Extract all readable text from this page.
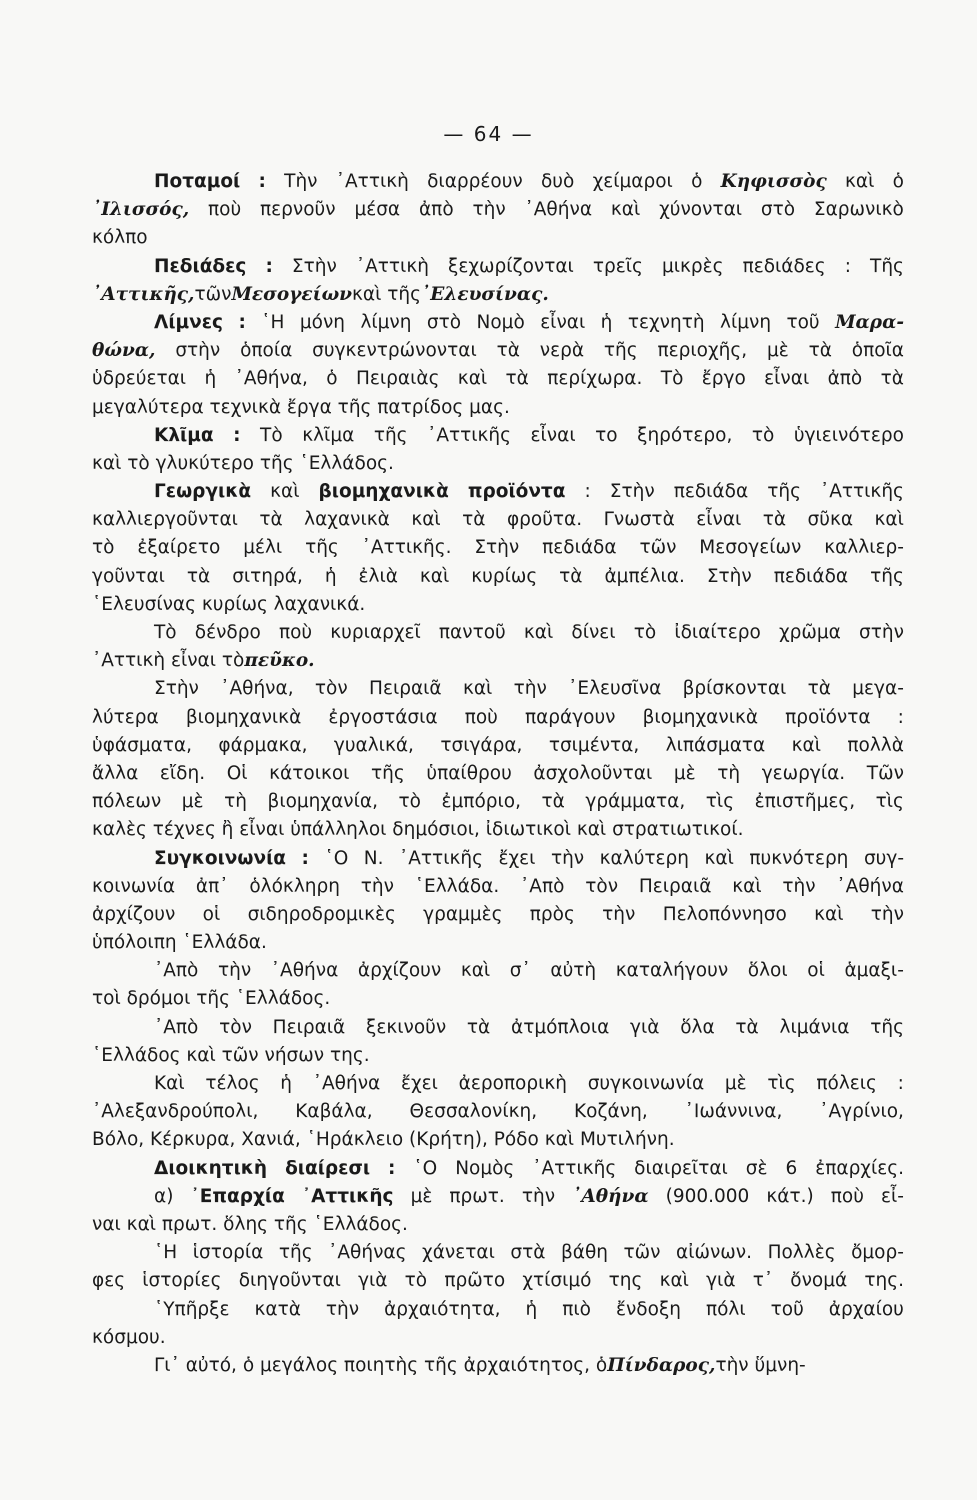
— 64 —
Ποταμοί : Τὴν ᾽Αττικὴ διαρρέουν δυὸ χείμαροι ὁ Κηφισσὸς καὶ ὁ
᾽Ιλισσός, ποὺ περνοῦν μέσα ἀπὸ τὴν ᾽Αθήνα καὶ χύνονται στὸ Σαρωνικὸ
κόλπο
Πεδιάδες : Στὴν ᾽Αττικὴ ξεχωρίζονται τρεῖς μικρὲς πεδιάδες : Τῆς
᾽Αττικῆς, τῶν Μεσογείων καὶ τῆς ᾽Ελευσίνας.
Λίμνες : ῾Η μόνη λίμνη στὸ Νομὸ εἶναι ἡ τεχνητὴ λίμνη τοῦ Μαρα-
θώνα, στὴν ὁποία συγκεντρώνονται τὰ νερὰ τῆς περιοχῆς, μὲ τὰ ὁποῖα
ὑδρεύεται ἡ ᾽Αθήνα, ὁ Πειραιὰς καὶ τὰ περίχωρα. Τὸ ἔργο εἶναι ἀπὸ τὰ
μεγαλύτερα τεχνικὰ ἔργα τῆς πατρίδος μας.
Κλῖμα : Τὸ κλῖμα τῆς ᾽Αττικῆς εἶναι το ξηρότερο, τὸ ὑγιεινότερο
καὶ τὸ γλυκύτερο τῆς ῾Ελλάδος.
Γεωργικὰ καὶ βιομηχανικὰ προϊόντα : Στὴν πεδιάδα τῆς ᾽Αττικῆς
καλλιεργοῦνται τὰ λαχανικὰ καὶ τὰ φροῦτα. Γνωστὰ εἶναι τὰ σῦκα καὶ
τὸ ἐξαίρετο μέλι τῆς ᾽Αττικῆς. Στὴν πεδιάδα τῶν Μεσογείων καλλιερ-
γοῦνται τὰ σιτηρά, ἡ ἐλιὰ καὶ κυρίως τὰ ἀμπέλια. Στὴν πεδιάδα τῆς
῾Ελευσίνας κυρίως λαχανικά.
Τὸ δένδρο ποὺ κυριαρχεῖ παντοῦ καὶ δίνει τὸ ἰδιαίτερο χρῶμα στὴν
᾽Αττικὴ εἶναι τὸ πεῦκο.
Στὴν ᾽Αθήνα, τὸν Πειραιᾶ καὶ τὴν ᾽Ελευσῖνα βρίσκονται τὰ μεγα-
λύτερα βιομηχανικὰ ἐργοστάσια ποὺ παράγουν βιομηχανικὰ προϊόντα :
ὑφάσματα, φάρμακα, γυαλικά, τσιγάρα, τσιμέντα, λιπάσματα καὶ πολλὰ
ἄλλα εἴδη. Οἱ κάτοικοι τῆς ὑπαίθρου ἀσχολοῦνται μὲ τὴ γεωργία. Τῶν
πόλεων μὲ τὴ βιομηχανία, τὸ ἐμπόριο, τὰ γράμματα, τὶς ἐπιστῆμες, τὶς
καλὲς τέχνες ἢ εἶναι ὑπάλληλοι δημόσιοι, ἰδιωτικοὶ καὶ στρατιωτικοί.
Συγκοινωνία : ῾Ο Ν. ᾽Αττικῆς ἔχει τὴν καλύτερη καὶ πυκνότερη συγ-
κοινωνία ἀπ᾽ ὁλόκληρη τὴν ῾Ελλάδα. ᾽Απὸ τὸν Πειραιᾶ καὶ τὴν ᾽Αθήνα
ἀρχίζουν οἱ σιδηροδρομικὲς γραμμὲς πρὸς τὴν Πελοπόννησο καὶ τὴν
ὑπόλοιπη ῾Ελλάδα.
᾽Απὸ τὴν ᾽Αθήνα ἀρχίζουν καὶ σ᾽ αὐτὴ καταλήγουν ὅλοι οἱ ἁμαξι-
τοὶ δρόμοι τῆς ῾Ελλάδος.
᾽Απὸ τὸν Πειραιᾶ ξεκινοῦν τὰ ἀτμόπλοια γιὰ ὅλα τὰ λιμάνια τῆς
῾Ελλάδος καὶ τῶν νήσων της.
Καὶ τέλος ἡ ᾽Αθήνα ἔχει ἀεροπορικὴ συγκοινωνία μὲ τὶς πόλεις :
᾽Αλεξανδρούπολι, Καβάλα, Θεσσαλονίκη, Κοζάνη, ᾽Ιωάννινα, ᾽Αγρίνιο,
Βόλο, Κέρκυρα, Χανιά, ῾Ηράκλειο (Κρήτη), Ρόδο καὶ Μυτιλήνη.
Διοικητικὴ διαίρεσι : ῾Ο Νομὸς ᾽Αττικῆς διαιρεῖται σὲ 6 ἐπαρχίες.
α) ᾽Επαρχία ᾽Αττικῆς μὲ πρωτ. τὴν ᾽Αθήνα (900.000 κάτ.) ποὺ εἶ-
ναι καὶ πρωτ. ὅλης τῆς ῾Ελλάδος.
῾Η ἱστορία τῆς ᾽Αθήνας χάνεται στὰ βάθη τῶν αἰώνων. Πολλὲς ὄμορ-
φες ἱστορίες διηγοῦνται γιὰ τὸ πρῶτο χτίσιμό της καὶ γιὰ τ᾽ ὄνομά της.
῾Υπῆρξε κατὰ τὴν ἀρχαιότητα, ἡ πιὸ ἔνδοξη πόλι τοῦ ἀρχαίου
κόσμου.
Γι᾽ αὐτό, ὁ μεγάλος ποιητὴς τῆς ἀρχαιότητος, ὁ Πίνδαρος, τὴν ὕμνη-
